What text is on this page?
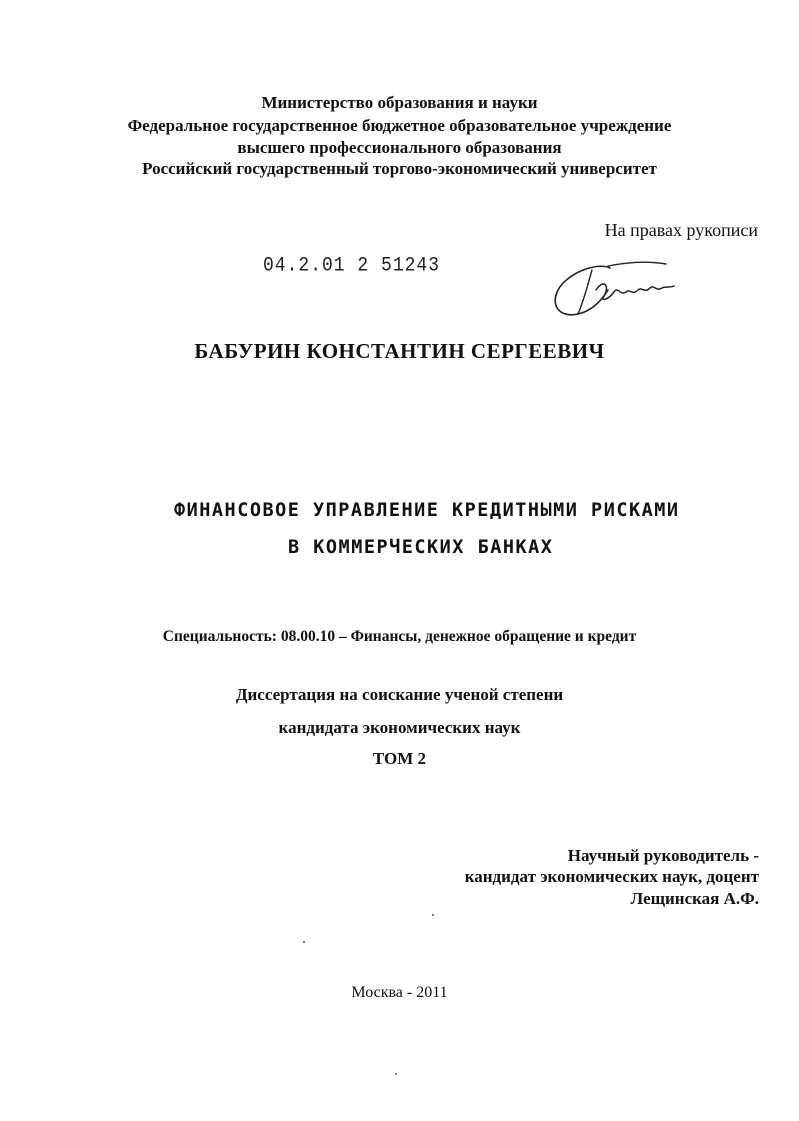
Министерство образования и науки
Федеральное государственное бюджетное образовательное учреждение
высшего профессионального образования
Российский государственный торгово-экономический университет
На правах рукописи
04.2.01 2 51243
БАБУРИН КОНСТАНТИН СЕРГЕЕВИЧ
ФИНАНСОВОЕ УПРАВЛЕНИЕ КРЕДИТНЫМИ РИСКАМИ
В КОММЕРЧЕСКИХ БАНКАХ
Специальность: 08.00.10 – Финансы, денежное обращение и кредит
Диссертация на соискание ученой степени
кандидата экономических наук
ТОМ 2
Научный руководитель -
кандидат экономических наук, доцент
Лещинская А.Ф.
Москва - 2011
